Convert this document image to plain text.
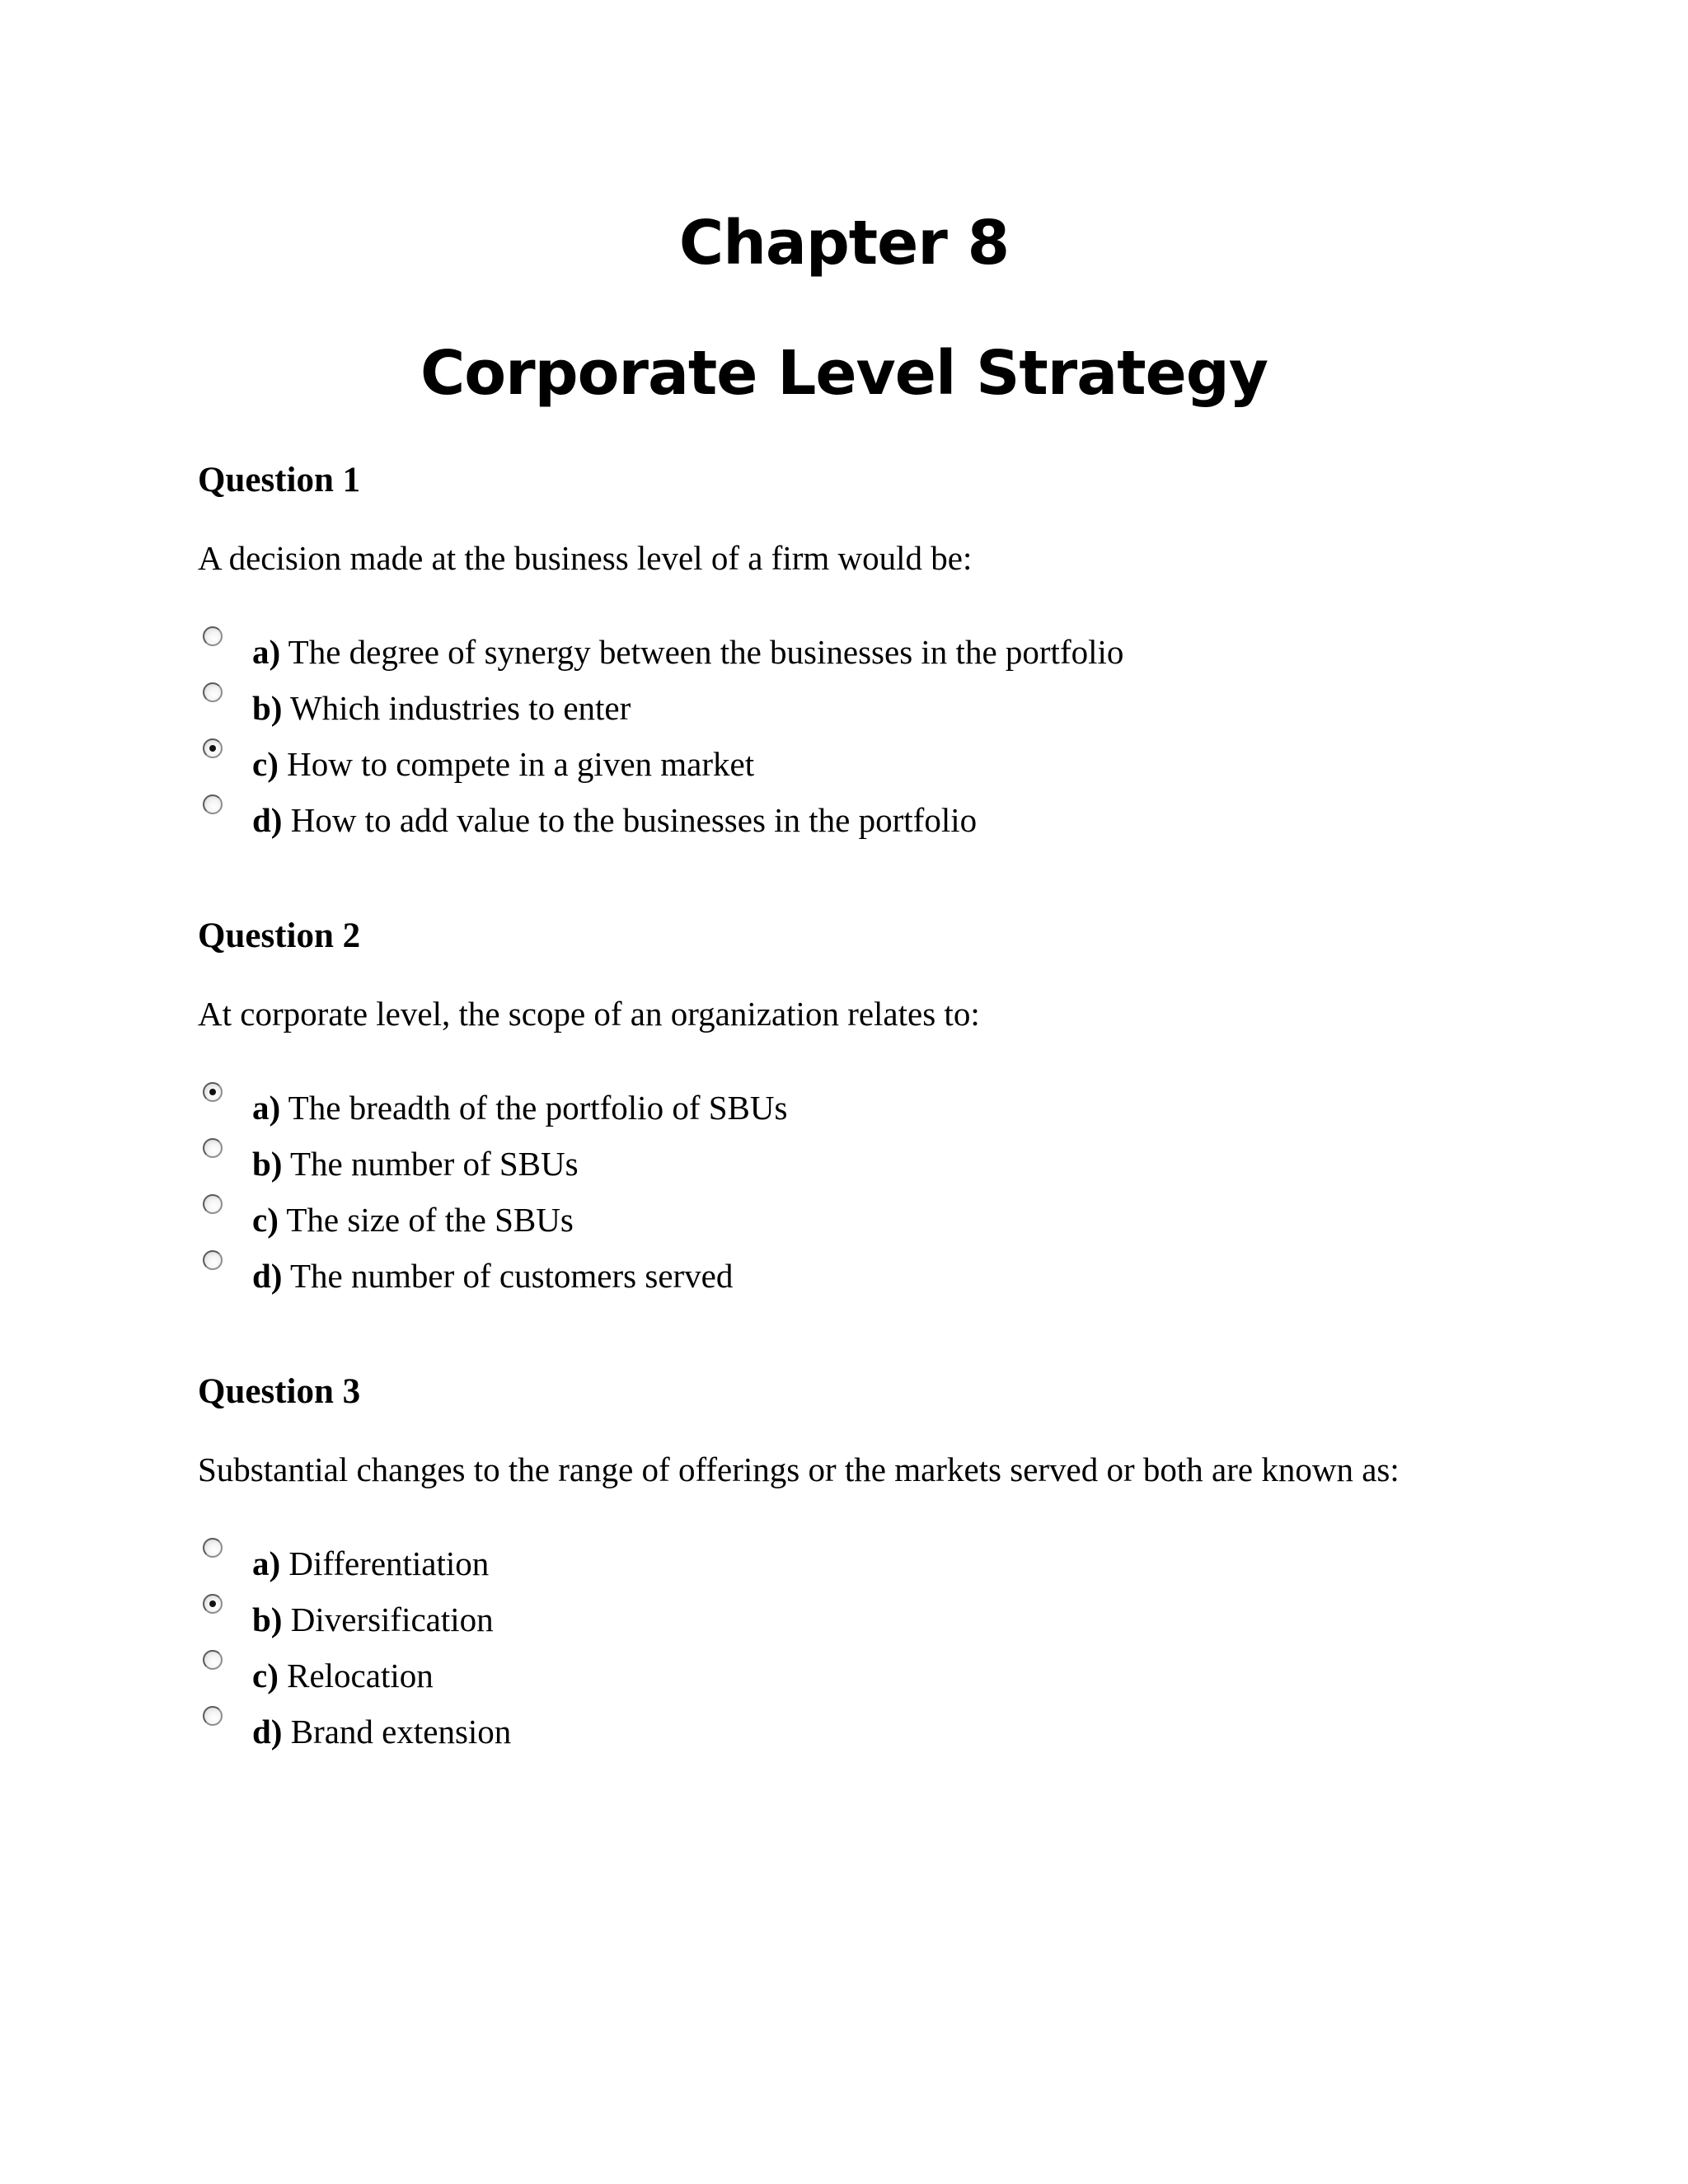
Chapter 8
Corporate Level Strategy
Question 1
A decision made at the business level of a firm would be:
a) The degree of synergy between the businesses in the portfolio
b) Which industries to enter
c) How to compete in a given market
d) How to add value to the businesses in the portfolio
Question 2
At corporate level, the scope of an organization relates to:
a) The breadth of the portfolio of SBUs
b) The number of SBUs
c) The size of the SBUs
d) The number of customers served
Question 3
Substantial changes to the range of offerings or the markets served or both are known as:
a) Differentiation
b) Diversification
c) Relocation
d) Brand extension
